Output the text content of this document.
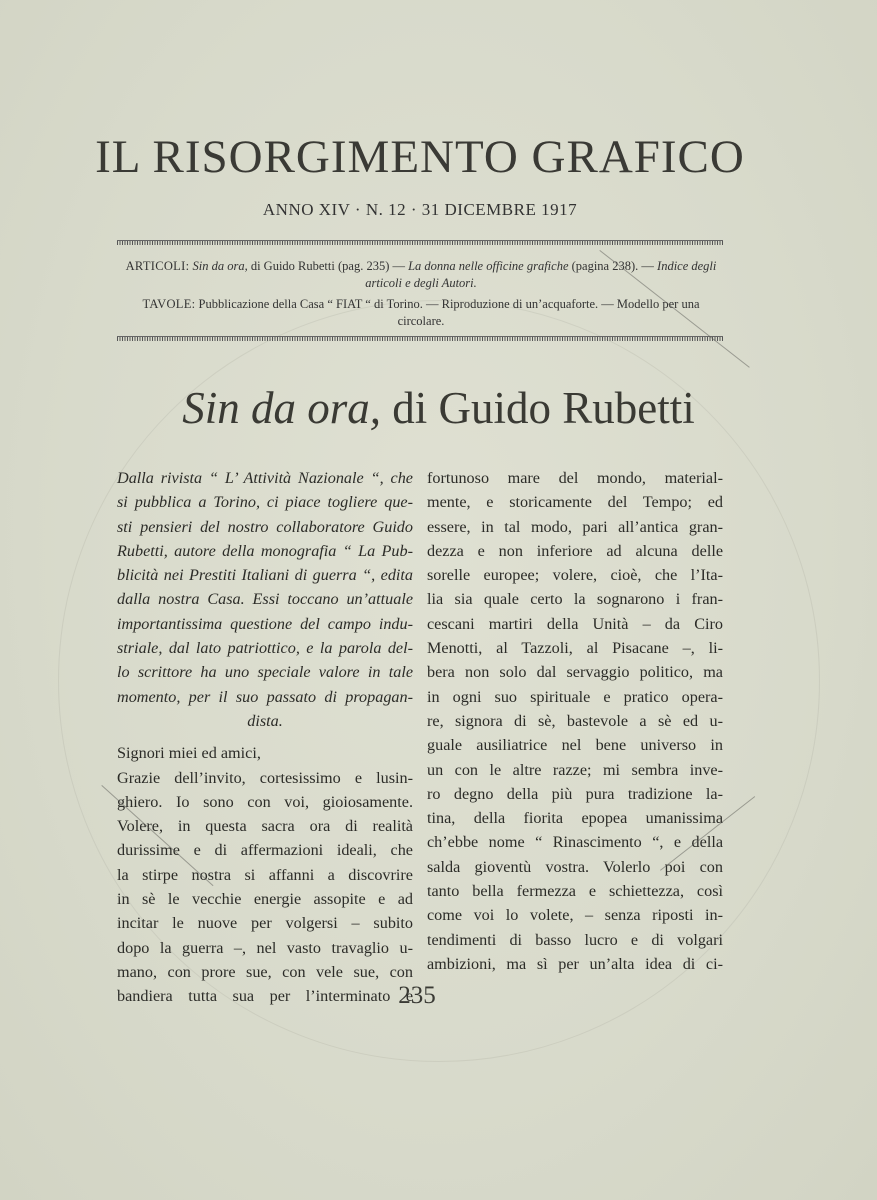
IL RISORGIMENTO GRAFICO
ANNO XIV · N. 12 · 31 DICEMBRE 1917

ARTICOLI: Sin da ora, di Guido Rubetti (pag. 235) — La donna nelle officine grafiche (pagina 238). — Indice degli articoli e degli Autori.

TAVOLE: Pubblicazione della Casa “ FIAT “ di Torino. — Riproduzione di un’acquaforte. — Modello per una circolare.

Sin da ora, di Guido Rubetti
Dalla rivista “ L’ Attività Nazionale “, che
si pubblica a Torino, ci piace togliere que-
sti pensieri del nostro collaboratore Guido
Rubetti, autore della monografia “ La Pub-
blicità nei Prestiti Italiani di guerra “, edita
dalla nostra Casa. Essi toccano un’attuale
importantissima questione del campo indu-
striale, dal lato patriottico, e la parola del-
lo scrittore ha uno speciale valore in tale
momento, per il suo passato di propagan-
dista.
Signori miei ed amici,
Grazie dell’invito, cortesissimo e lusin-
ghiero. Io sono con voi, gioiosamente.
Volere, in questa sacra ora di realità
durissime e di affermazioni ideali, che
la stirpe nostra si affanni a discovrire
in sè le vecchie energie assopite e ad
incitar le nuove per volgersi – subito
dopo la guerra –, nel vasto travaglio u-
mano, con prore sue, con vele sue, con
bandiera tutta sua per l’interminato e
fortunoso mare del mondo, material-
mente, e storicamente del Tempo; ed
essere, in tal modo, pari all’antica gran-
dezza e non inferiore ad alcuna delle
sorelle europee; volere, cioè, che l’Ita-
lia sia quale certo la sognarono i fran-
cescani martiri della Unità – da Ciro
Menotti, al Tazzoli, al Pisacane –, li-
bera non solo dal servaggio politico, ma
in ogni suo spirituale e pratico opera-
re, signora di sè, bastevole a sè ed u-
guale ausiliatrice nel bene universo in
un con le altre razze; mi sembra inve-
ro degno della più pura tradizione la-
tina, della fiorita epopea umanissima
ch’ebbe nome “ Rinascimento “, e della
salda gioventù vostra. Volerlo poi con
tanto bella fermezza e schiettezza, così
come voi lo volete, – senza riposti in-
tendimenti di basso lucro e di volgari
ambizioni, ma sì per un’alta idea di ci-
235
